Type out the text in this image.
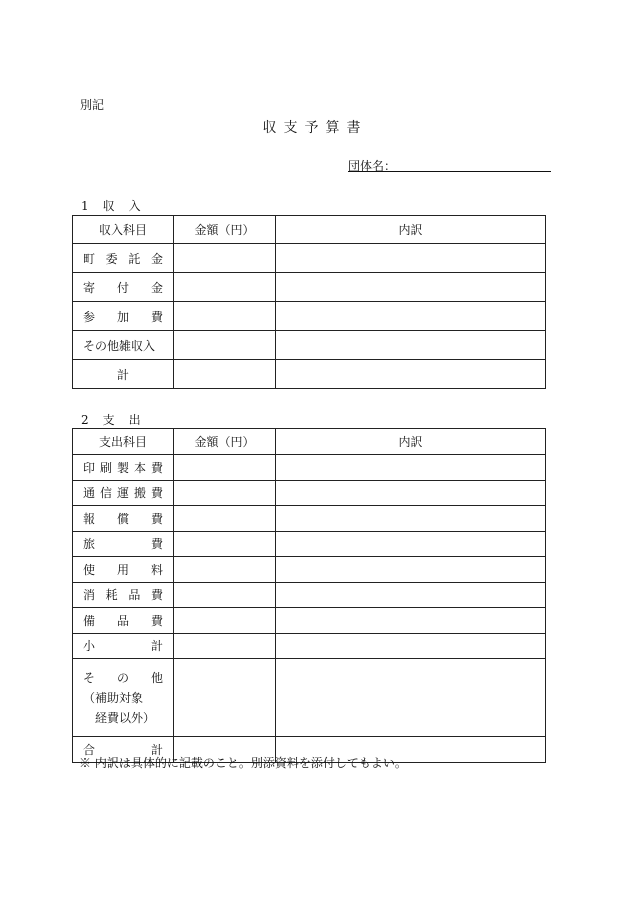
別記
収支予算書
団体名：
1　収　入
収入科目	金額（円）	内訳

町 委 託 金		

寄 付 金		

参 加 費		

その他雑収入		

計		

2　支　出
支出科目	金額（円）	内訳

印 刷 製 本 費		

通 信 運 搬 費		

報 償 費		

旅 費		

使 用 料		

消 耗 品 費		

備 品 費		

小 計		

そ の 他
（補助対象
経費以外）		

合 計		

※ 内訳は具体的に記載のこと。別添資料を添付してもよい。
